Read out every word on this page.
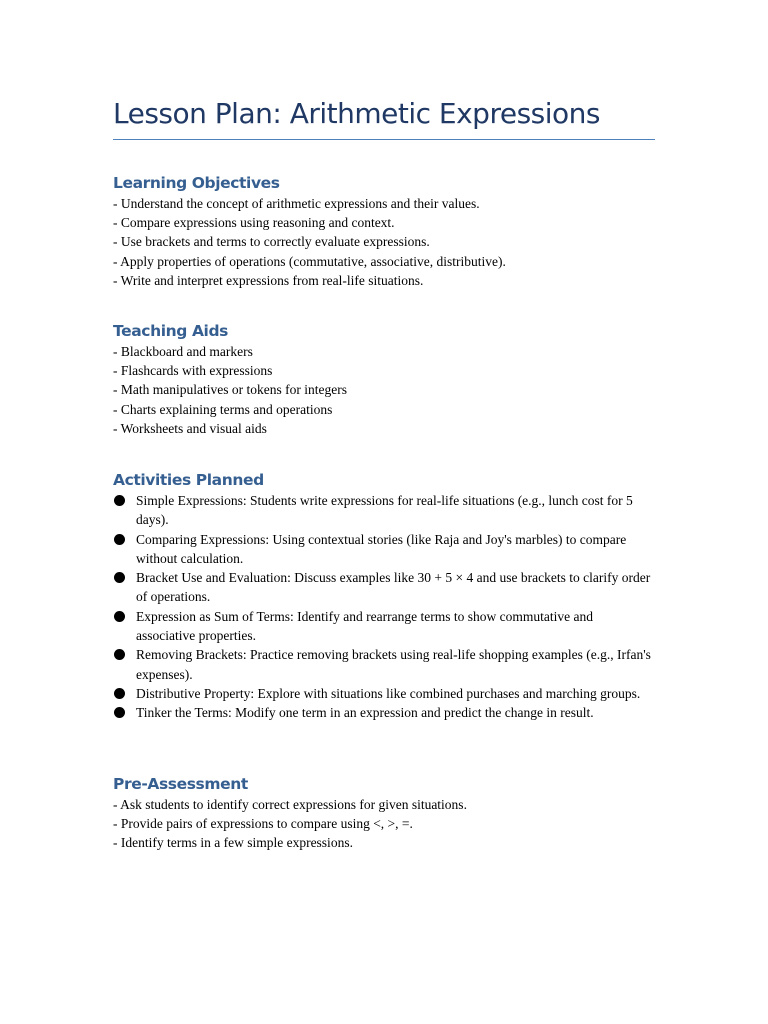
Lesson Plan: Arithmetic Expressions
Learning Objectives
- Understand the concept of arithmetic expressions and their values.
- Compare expressions using reasoning and context.
- Use brackets and terms to correctly evaluate expressions.
- Apply properties of operations (commutative, associative, distributive).
- Write and interpret expressions from real-life situations.
Teaching Aids
- Blackboard and markers
- Flashcards with expressions
- Math manipulatives or tokens for integers
- Charts explaining terms and operations
- Worksheets and visual aids
Activities Planned
Simple Expressions: Students write expressions for real-life situations (e.g., lunch cost for 5 days).
Comparing Expressions: Using contextual stories (like Raja and Joy's marbles) to compare without calculation.
Bracket Use and Evaluation: Discuss examples like 30 + 5 × 4 and use brackets to clarify order of operations.
Expression as Sum of Terms: Identify and rearrange terms to show commutative and associative properties.
Removing Brackets: Practice removing brackets using real-life shopping examples (e.g., Irfan's expenses).
Distributive Property: Explore with situations like combined purchases and marching groups.
Tinker the Terms: Modify one term in an expression and predict the change in result.
Pre-Assessment
- Ask students to identify correct expressions for given situations.
- Provide pairs of expressions to compare using <, >, =.
- Identify terms in a few simple expressions.
